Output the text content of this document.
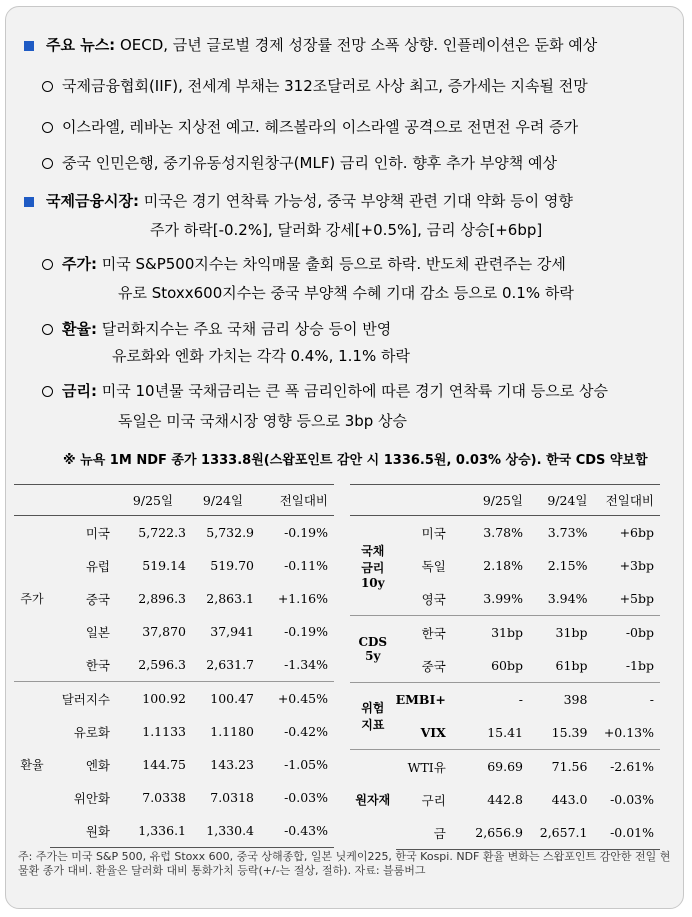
주요 뉴스: OECD, 금년 글로벌 경제 성장률 전망 소폭 상향. 인플레이션은 둔화 예상
국제금융협회(IIF), 전세계 부채는 312조달러로 사상 최고, 증가세는 지속될 전망
이스라엘, 레바논 지상전 예고. 헤즈볼라의 이스라엘 공격으로 전면전 우려 증가
중국 인민은행, 중기유동성지원창구(MLF) 금리 인하. 향후 추가 부양책 예상
국제금융시장: 미국은 경기 연착륙 가능성, 중국 부양책 관련 기대 약화 등이 영향
주가 하락[-0.2%], 달러화 강세[+0.5%], 금리 상승[+6bp]
주가: 미국 S&P500지수는 차익매물 출회 등으로 하락. 반도체 관련주는 강세
유로 Stoxx600지수는 중국 부양책 수혜 기대 감소 등으로 0.1% 하락
환율: 달러화지수는 주요 국채 금리 상승 등이 반영
유로화와 엔화 가치는 각각 0.4%, 1.1% 하락
금리: 미국 10년물 국채금리는 큰 폭 금리인하에 따른 경기 연착륙 기대 등으로 상승
독일은 미국 국채시장 영향 등으로 3bp 상승
※ 뉴욕 1M NDF 종가 1333.8원(스왑포인트 감안 시 1336.5원, 0.03% 상승). 한국 CDS 약보합
		9/25일	9/24일	전일대비
주가	미국	5,722.3	5,732.9	-0.19%
	유럽	519.14	519.70	-0.11%
	중국	2,896.3	2,863.1	+1.16%
	일본	37,870	37,941	-0.19%
	한국	2,596.3	2,631.7	-1.34%
환율	달러지수	100.92	100.47	+0.45%
	유로화	1.1133	1.1180	-0.42%
	엔화	144.75	143.23	-1.05%
	위안화	7.0338	7.0318	-0.03%
	원화	1,336.1	1,330.4	-0.43%
		9/25일	9/24일	전일대비
국채
금리
10y	미국	3.78%	3.73%	+6bp
	독일	2.18%	2.15%	+3bp
	영국	3.99%	3.94%	+5bp
CDS
5y	한국	31bp	31bp	-0bp
	중국	60bp	61bp	-1bp
위험
지표	EMBI+	-	398	-
	VIX	15.41	15.39	+0.13%
원자재	WTI유	69.69	71.56	-2.61%
	구리	442.8	443.0	-0.03%
	금	2,656.9	2,657.1	-0.01%
주: 주가는 미국 S&P 500, 유럽 Stoxx 600, 중국 상해종합, 일본 닛케이225, 한국 Kospi. NDF 환율 변화는 스왑포인트 감안한 전일 현물환 종가 대비. 환율은 달러화 대비 통화가치 등락(+/-는 절상, 절하). 자료: 블룸버그
